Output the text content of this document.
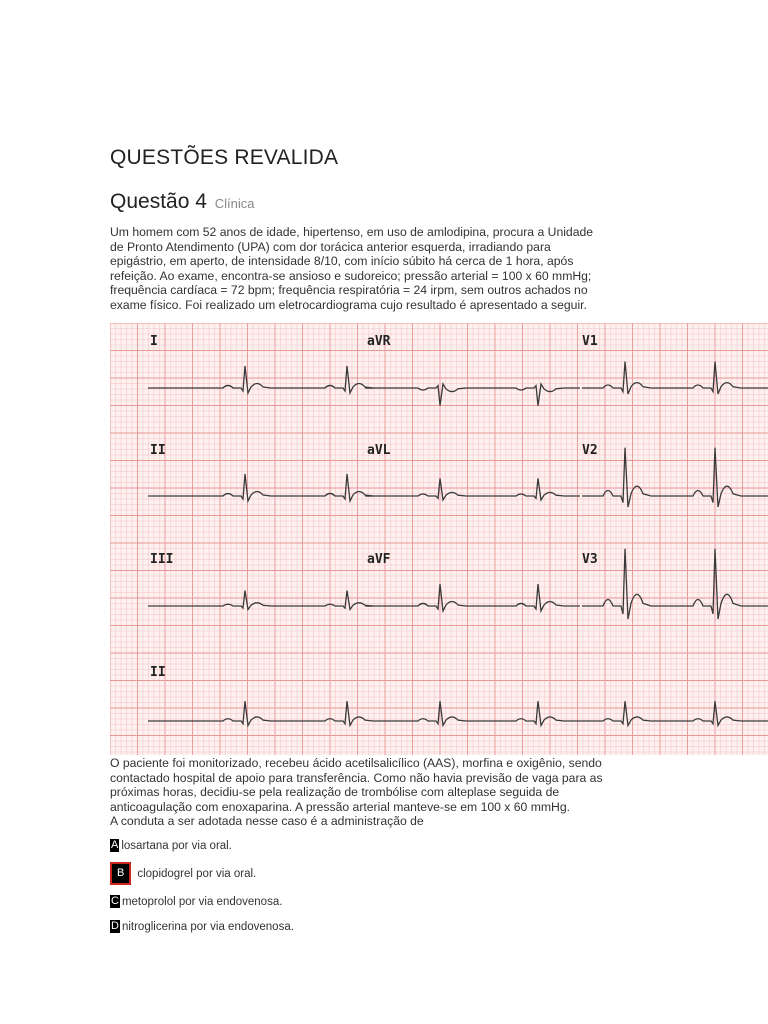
QUESTÕES REVALIDA
Questão 4 Clínica
Um homem com 52 anos de idade, hipertenso, em uso de amlodipina, procura a Unidade
de Pronto Atendimento (UPA) com dor torácica anterior esquerda, irradiando para
epigástrio, em aperto, de intensidade 8/10, com início súbito há cerca de 1 hora, após
refeição. Ao exame, encontra-se ansioso e sudoreico; pressão arterial = 100 x 60 mmHg;
frequência cardíaca = 72 bpm; frequência respiratória = 24 irpm, sem outros achados no
exame físico. Foi realizado um eletrocardiograma cujo resultado é apresentado a seguir.
I	aVR	V1
II	aVL	V2
III	aVF	V3
II
O paciente foi monitorizado, recebeu ácido acetilsalicílico (AAS), morfina e oxigênio, sendo
contactado hospital de apoio para transferência. Como não havia previsão de vaga para as
próximas horas, decidiu-se pela realização de trombólise com alteplase seguida de
anticoagulação com enoxaparina. A pressão arterial manteve-se em 100 x 60 mmHg.
A conduta a ser adotada nesse caso é a administração de
A losartana por via oral.
B	clopidogrel por via oral.
C metoprolol por via endovenosa.
D nitroglicerina por via endovenosa.
